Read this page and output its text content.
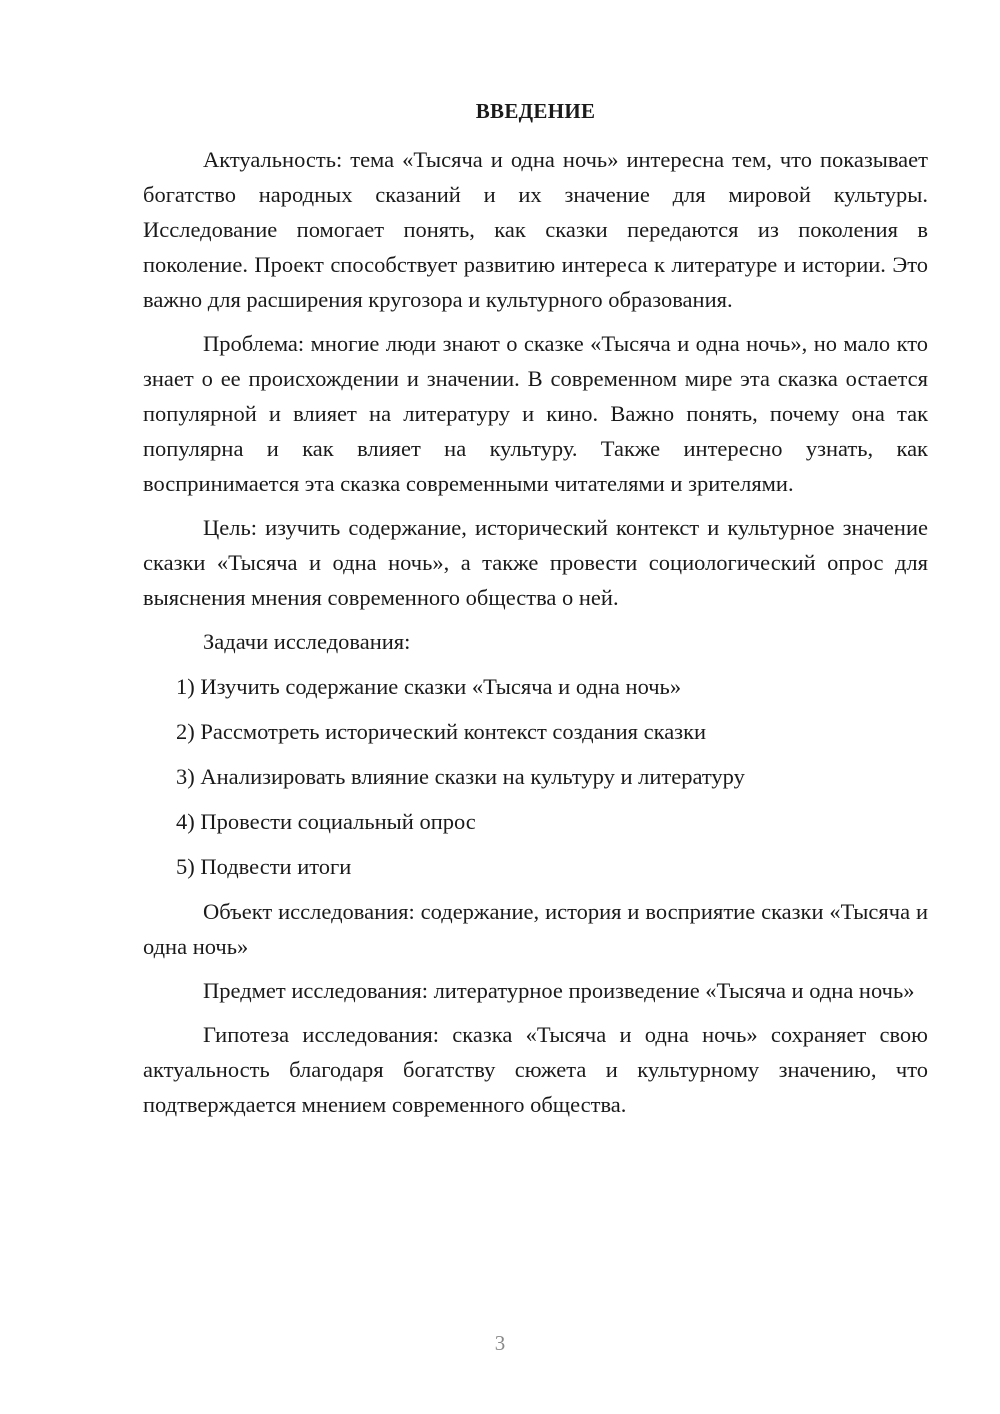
ВВЕДЕНИЕ

Актуальность: тема «Тысяча и одна ночь» интересна тем, что показывает богатство народных сказаний и их значение для мировой культуры. Исследование помогает понять, как сказки передаются из поколения в поколение. Проект способствует развитию интереса к литературе и истории. Это важно для расширения кругозора и культурного образования.

Проблема: многие люди знают о сказке «Тысяча и одна ночь», но мало кто знает о ее происхождении и значении. В современном мире эта сказка остается популярной и влияет на литературу и кино. Важно понять, почему она так популярна и как влияет на культуру. Также интересно узнать, как воспринимается эта сказка современными читателями и зрителями.

Цель: изучить содержание, исторический контекст и культурное значение сказки «Тысяча и одна ночь», а также провести социологический опрос для выяснения мнения современного общества о ней.

Задачи исследования:

1) Изучить содержание сказки «Тысяча и одна ночь»
2) Рассмотреть исторический контекст создания сказки
3) Анализировать влияние сказки на культуру и литературу
4) Провести социальный опрос
5) Подвести итоги

Объект исследования: содержание, история и восприятие сказки «Тысяча и одна ночь»

Предмет исследования: литературное произведение «Тысяча и одна ночь»

Гипотеза исследования: сказка «Тысяча и одна ночь» сохраняет свою актуальность благодаря богатству сюжета и культурному значению, что подтверждается мнением современного общества.

3
